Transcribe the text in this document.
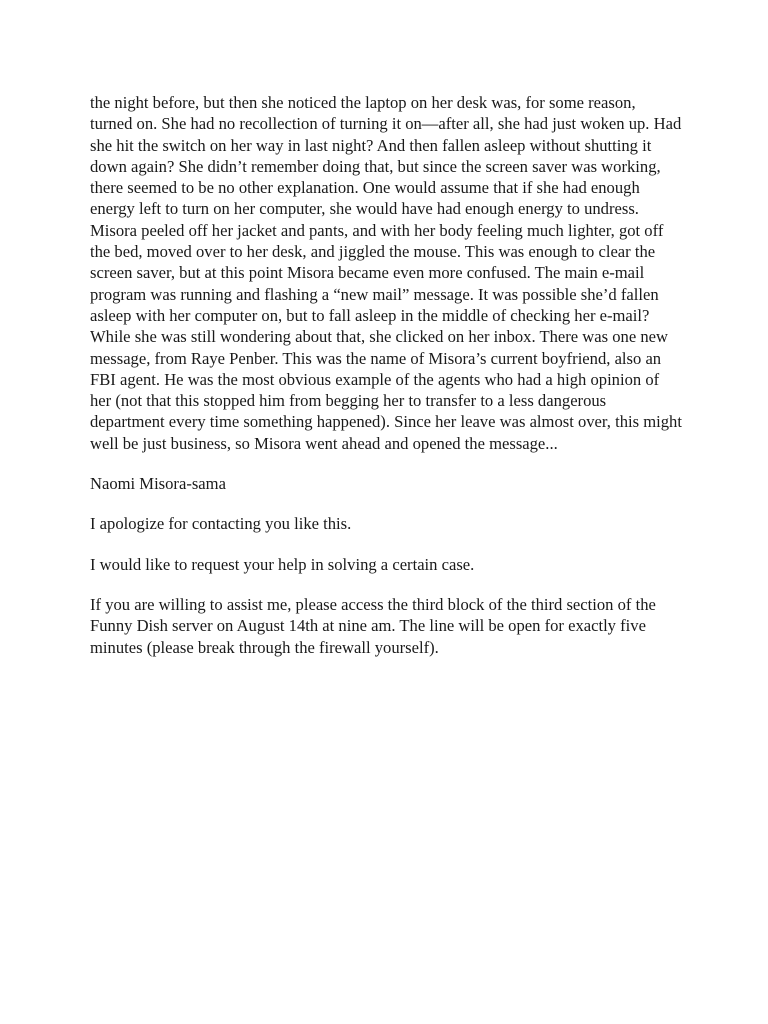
the night before, but then she noticed the laptop on her desk was, for some reason, turned on. She had no recollection of turning it on—after all, she had just woken up. Had she hit the switch on her way in last night? And then fallen asleep without shutting it down again? She didn’t remember doing that, but since the screen saver was working, there seemed to be no other explanation. One would assume that if she had enough energy left to turn on her computer, she would have had enough energy to undress. Misora peeled off her jacket and pants, and with her body feeling much lighter, got off the bed, moved over to her desk, and jiggled the mouse. This was enough to clear the screen saver, but at this point Misora became even more confused. The main e-mail program was running and flashing a “new mail” message. It was possible she’d fallen asleep with her computer on, but to fall asleep in the middle of checking her e-mail? While she was still wondering about that, she clicked on her inbox. There was one new message, from Raye Penber. This was the name of Misora’s current boyfriend, also an FBI agent. He was the most obvious example of the agents who had a high opinion of her (not that this stopped him from begging her to transfer to a less dangerous department every time something happened). Since her leave was almost over, this might well be just business, so Misora went ahead and opened the message...

Naomi Misora-sama

I apologize for contacting you like this.

I would like to request your help in solving a certain case.

If you are willing to assist me, please access the third block of the third section of the Funny Dish server on August 14th at nine am. The line will be open for exactly five minutes (please break through the firewall yourself).
